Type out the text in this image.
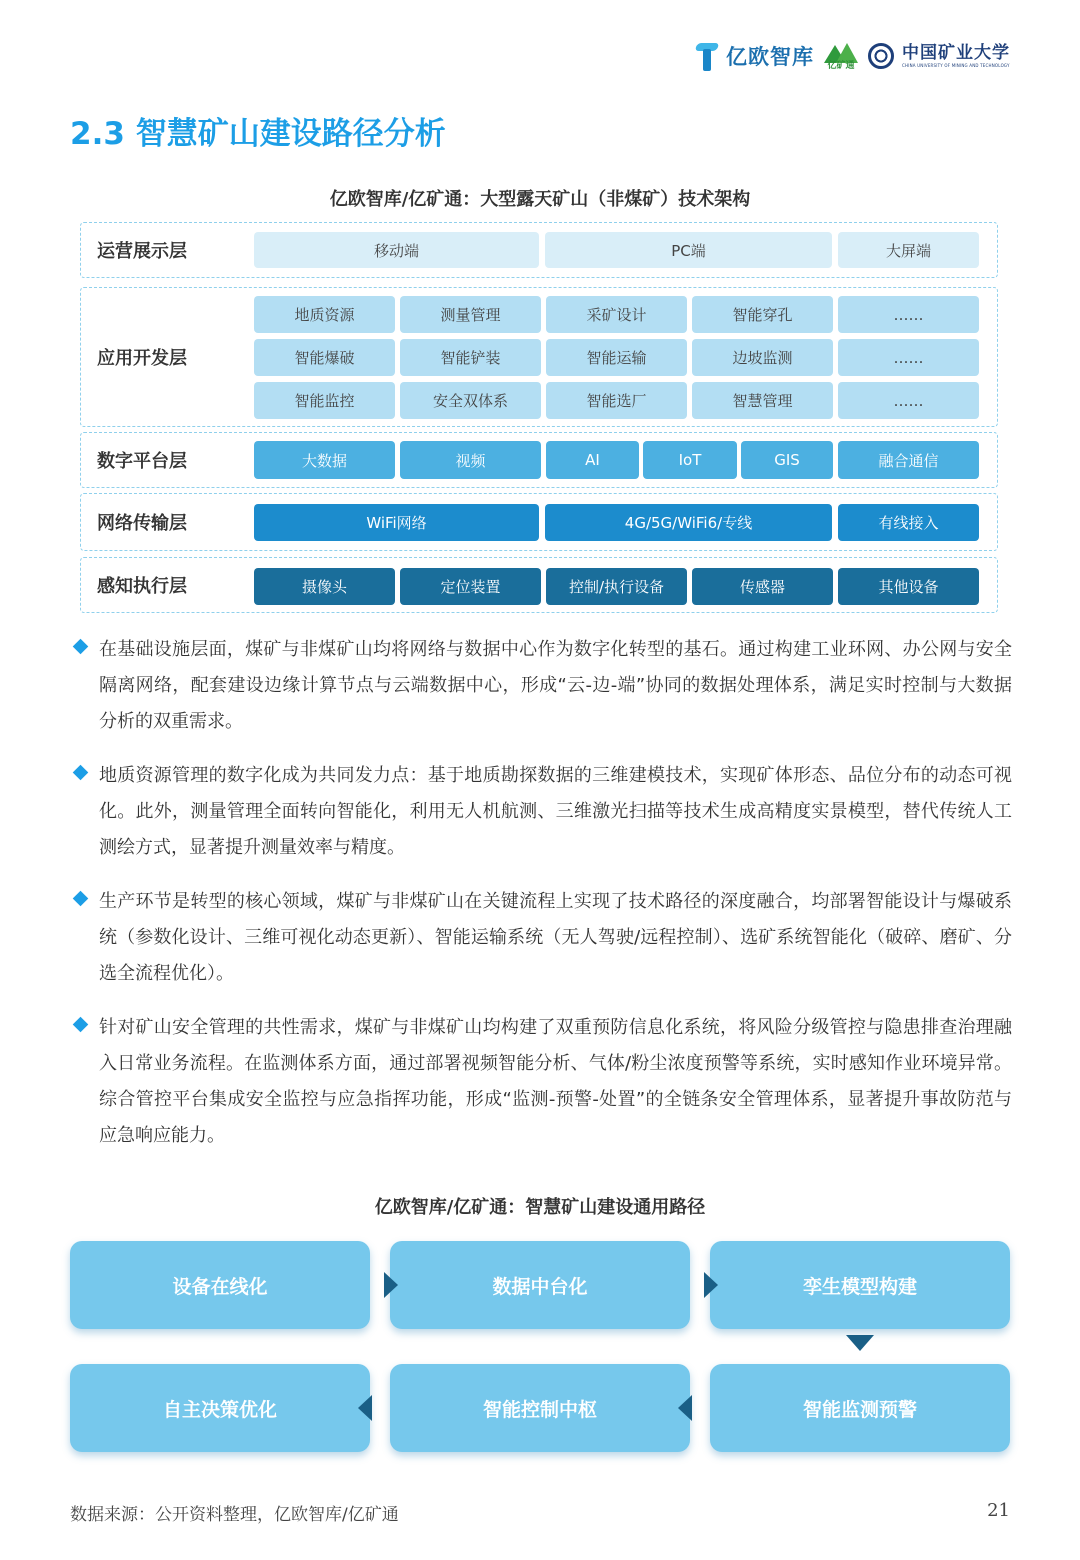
亿欧智库	亿矿通
中国矿业大学
CHINA UNIVERSITY OF MINING AND TECHNOLOGY
2.3 智慧矿山建设路径分析
亿欧智库/亿矿通：大型露天矿山（非煤矿）技术架构
运营展示层	移动端	PC端	大屏端
应用开发层
地质资源	测量管理	采矿设计	智能穿孔	……
智能爆破	智能铲装	智能运输	边坡监测	……
智能监控	安全双体系	智能选厂	智慧管理	……
数字平台层	大数据	视频	AI	IoT	GIS	融合通信
网络传输层	WiFi网络	4G/5G/WiFi6/专线	有线接入
感知执行层	摄像头	定位装置	控制/执行设备	传感器	其他设备

在基础设施层面，煤矿与非煤矿山均将网络与数据中心作为数字化转型的基石。通过构建工业环网、办公网与安全隔离网络，配套建设边缘计算节点与云端数据中心，形成“云-边-端”协同的数据处理体系，满足实时控制与大数据分析的双重需求。

地质资源管理的数字化成为共同发力点：基于地质勘探数据的三维建模技术，实现矿体形态、品位分布的动态可视化。此外，测量管理全面转向智能化，利用无人机航测、三维激光扫描等技术生成高精度实景模型，替代传统人工测绘方式，显著提升测量效率与精度。

生产环节是转型的核心领域，煤矿与非煤矿山在关键流程上实现了技术路径的深度融合，均部署智能设计与爆破系统（参数化设计、三维可视化动态更新）、智能运输系统（无人驾驶/远程控制）、选矿系统智能化（破碎、磨矿、分选全流程优化）。

针对矿山安全管理的共性需求，煤矿与非煤矿山均构建了双重预防信息化系统，将风险分级管控与隐患排查治理融入日常业务流程。在监测体系方面，通过部署视频智能分析、气体/粉尘浓度预警等系统，实时感知作业环境异常。综合管控平台集成安全监控与应急指挥功能，形成“监测-预警-处置”的全链条安全管理体系，显著提升事故防范与应急响应能力。

亿欧智库/亿矿通：智慧矿山建设通用路径
设备在线化	数据中台化	孪生模型构建
智能监测预警
智能控制中枢
自主决策优化
数据来源：公开资料整理，亿欧智库/亿矿通	21
